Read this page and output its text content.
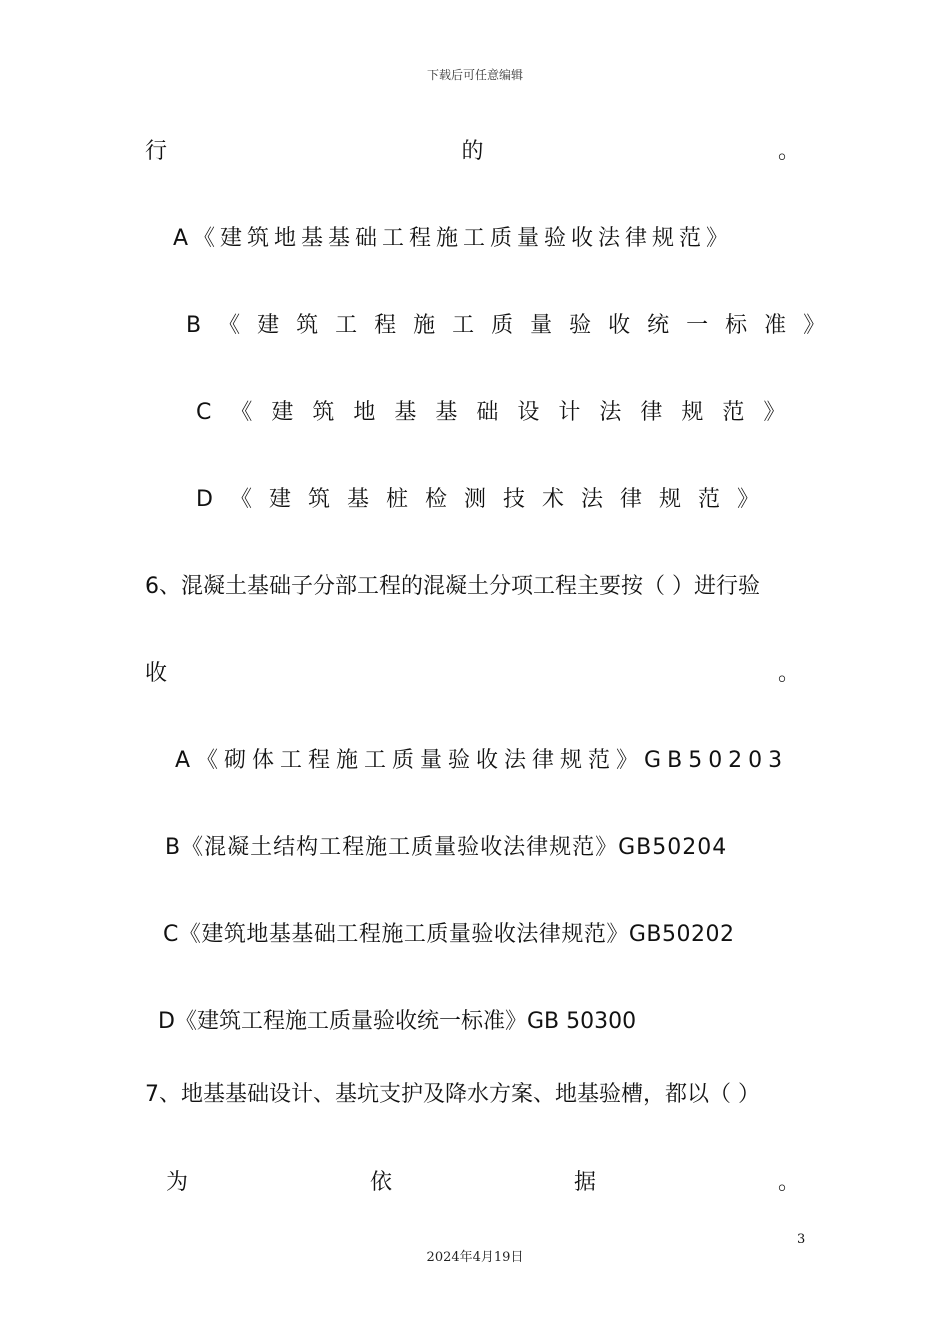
下载后可任意编辑
行	的	。
A《建筑地基基础工程施工质量验收法律规范》
B《建筑工程施工质量验收统一标准》
C《建筑地基基础设计法律规范》
D《建筑基桩检测技术法律规范》
6、混凝土基础子分部工程的混凝土分项工程主要按（ ）进行验
收	。
A《砌体工程施工质量验收法律规范》GB50203
B《混凝土结构工程施工质量验收法律规范》GB50204
C《建筑地基基础工程施工质量验收法律规范》GB50202
D《建筑工程施工质量验收统一标准》GB 50300
7、地基基础设计、基坑支护及降水方案、地基验槽，都以（ ）
为	依	据	。
3
2024年4月19日
